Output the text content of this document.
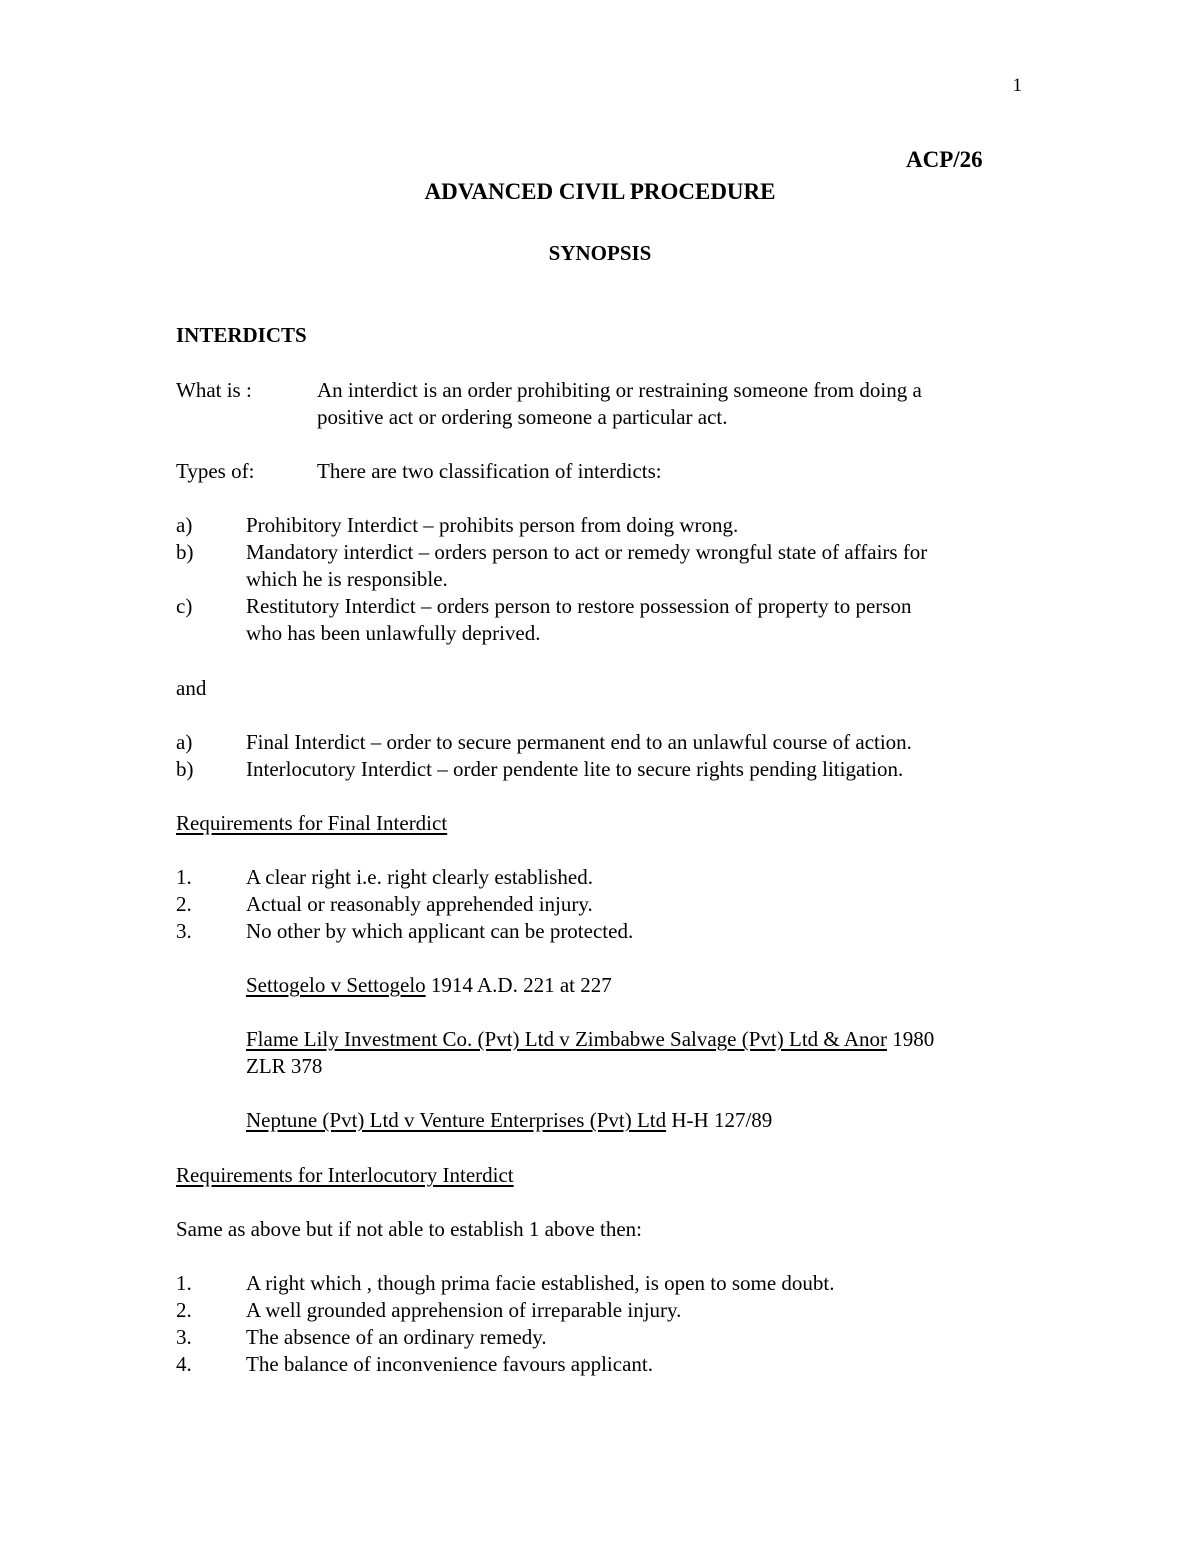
1
ACP/26
ADVANCED CIVIL PROCEDURE
SYNOPSIS
INTERDICTS
What is :	An interdict is an order prohibiting or restraining someone from doing a
positive act or ordering someone a particular act.
Types of:	There are two classification of interdicts:
a)	Prohibitory Interdict – prohibits person from doing wrong.
b)	Mandatory interdict – orders person to act or remedy wrongful state of affairs for
which he is responsible.
c)	Restitutory Interdict – orders person to restore possession of property to person
who has been unlawfully deprived.
and
a)	Final Interdict – order to secure permanent end to an unlawful course of action.
b)	Interlocutory Interdict – order pendente lite to secure rights pending litigation.
Requirements for Final Interdict
1.	A clear right i.e. right clearly established.
2.	Actual or reasonably apprehended injury.
3.	No other by which applicant can be protected.
Settogelo v Settogelo 1914 A.D. 221 at 227
Flame Lily Investment Co. (Pvt) Ltd v Zimbabwe Salvage (Pvt) Ltd & Anor 1980
ZLR 378
Neptune (Pvt) Ltd v Venture Enterprises (Pvt) Ltd H-H 127/89
Requirements for Interlocutory Interdict
Same as above but if not able to establish 1 above then:
1.	A right which , though prima facie established, is open to some doubt.
2.	A well grounded apprehension of irreparable injury.
3.	The absence of an ordinary remedy.
4.	The balance of inconvenience favours applicant.
